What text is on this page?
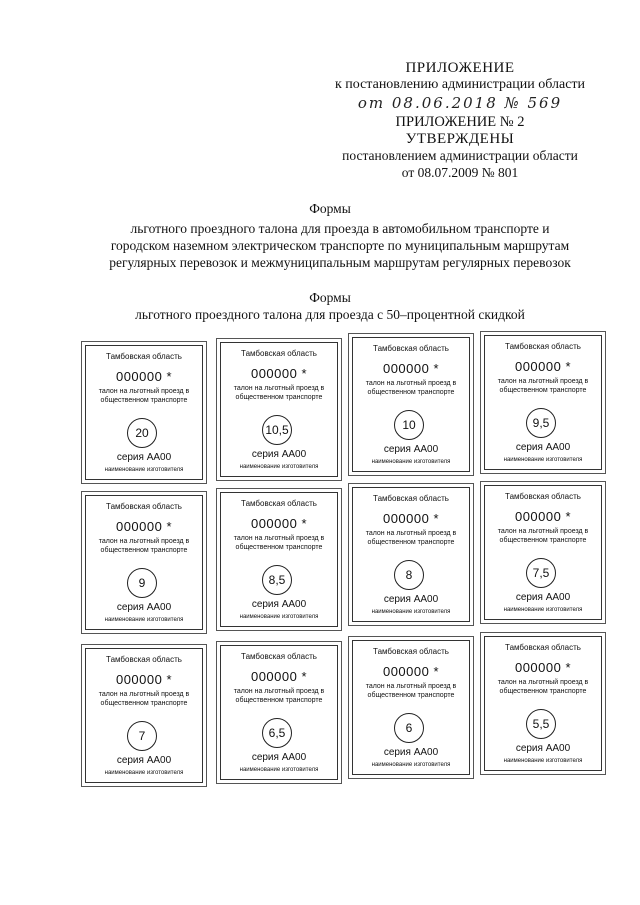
ПРИЛОЖЕНИЕ
к постановлению администрации области
от 08.06.2018 № 569
ПРИЛОЖЕНИЕ № 2
УТВЕРЖДЕНЫ
постановлением администрации области
от 08.07.2009 № 801
Формы
льготного проездного талона для проезда в автомобильном транспорте и
городском наземном электрическом транспорте по муниципальным маршрутам
регулярных перевозок и межмуниципальным маршрутам регулярных перевозок
Формы
льготного проездного талона для проезда с 50–процентной скидкой
Тамбовская область
000000 *
талон на льготный проезд в общественном транспорте
20
серия АА00
наименование изготовителя
Тамбовская область
000000 *
талон на льготный проезд в общественном транспорте
10,5
серия АА00
наименование изготовителя
Тамбовская область
000000 *
талон на льготный проезд в общественном транспорте
10
серия АА00
наименование изготовителя
Тамбовская область
000000 *
талон на льготный проезд в общественном транспорте
9,5
серия АА00
наименование изготовителя
Тамбовская область
000000 *
талон на льготный проезд в общественном транспорте
9
серия АА00
наименование изготовителя
Тамбовская область
000000 *
талон на льготный проезд в общественном транспорте
8,5
серия АА00
наименование изготовителя
Тамбовская область
000000 *
талон на льготный проезд в общественном транспорте
8
серия АА00
наименование изготовителя
Тамбовская область
000000 *
талон на льготный проезд в общественном транспорте
7,5
серия АА00
наименование изготовителя
Тамбовская область
000000 *
талон на льготный проезд в общественном транспорте
7
серия АА00
наименование изготовителя
Тамбовская область
000000 *
талон на льготный проезд в общественном транспорте
6,5
серия АА00
наименование изготовителя
Тамбовская область
000000 *
талон на льготный проезд в общественном транспорте
6
серия АА00
наименование изготовителя
Тамбовская область
000000 *
талон на льготный проезд в общественном транспорте
5,5
серия АА00
наименование изготовителя
